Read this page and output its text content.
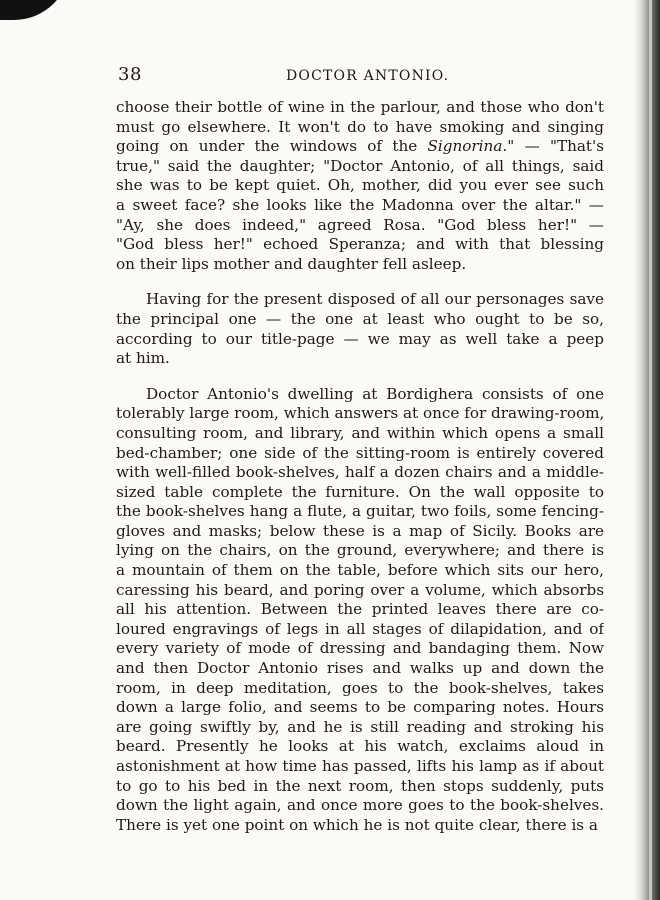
38	DOCTOR ANTONIO.
choose their bottle of wine in the parlour, and those who don't
must go elsewhere. It won't do to have smoking and singing
going on under the windows of the Signorina." — "That's
true," said the daughter; "Doctor Antonio, of all things, said
she was to be kept quiet. Oh, mother, did you ever see such
a sweet face? she looks like the Madonna over the altar." —
"Ay, she does indeed," agreed Rosa. "God bless her!" —
"God bless her!" echoed Speranza; and with that blessing
on their lips mother and daughter fell asleep.
Having for the present disposed of all our personages save
the principal one — the one at least who ought to be so,
according to our title-page — we may as well take a peep
at him.
Doctor Antonio's dwelling at Bordighera consists of one
tolerably large room, which answers at once for drawing-room,
consulting room, and library, and within which opens a small
bed-chamber; one side of the sitting-room is entirely covered
with well-filled book-shelves, half a dozen chairs and a middle-
sized table complete the furniture. On the wall opposite to
the book-shelves hang a flute, a guitar, two foils, some fencing-
gloves and masks; below these is a map of Sicily. Books are
lying on the chairs, on the ground, everywhere; and there is
a mountain of them on the table, before which sits our hero,
caressing his beard, and poring over a volume, which absorbs
all his attention. Between the printed leaves there are co-
loured engravings of legs in all stages of dilapidation, and of
every variety of mode of dressing and bandaging them. Now
and then Doctor Antonio rises and walks up and down the
room, in deep meditation, goes to the book-shelves, takes
down a large folio, and seems to be comparing notes. Hours
are going swiftly by, and he is still reading and stroking his
beard. Presently he looks at his watch, exclaims aloud in
astonishment at how time has passed, lifts his lamp as if about
to go to his bed in the next room, then stops suddenly, puts
down the light again, and once more goes to the book-shelves.
There is yet one point on which he is not quite clear, there is a
